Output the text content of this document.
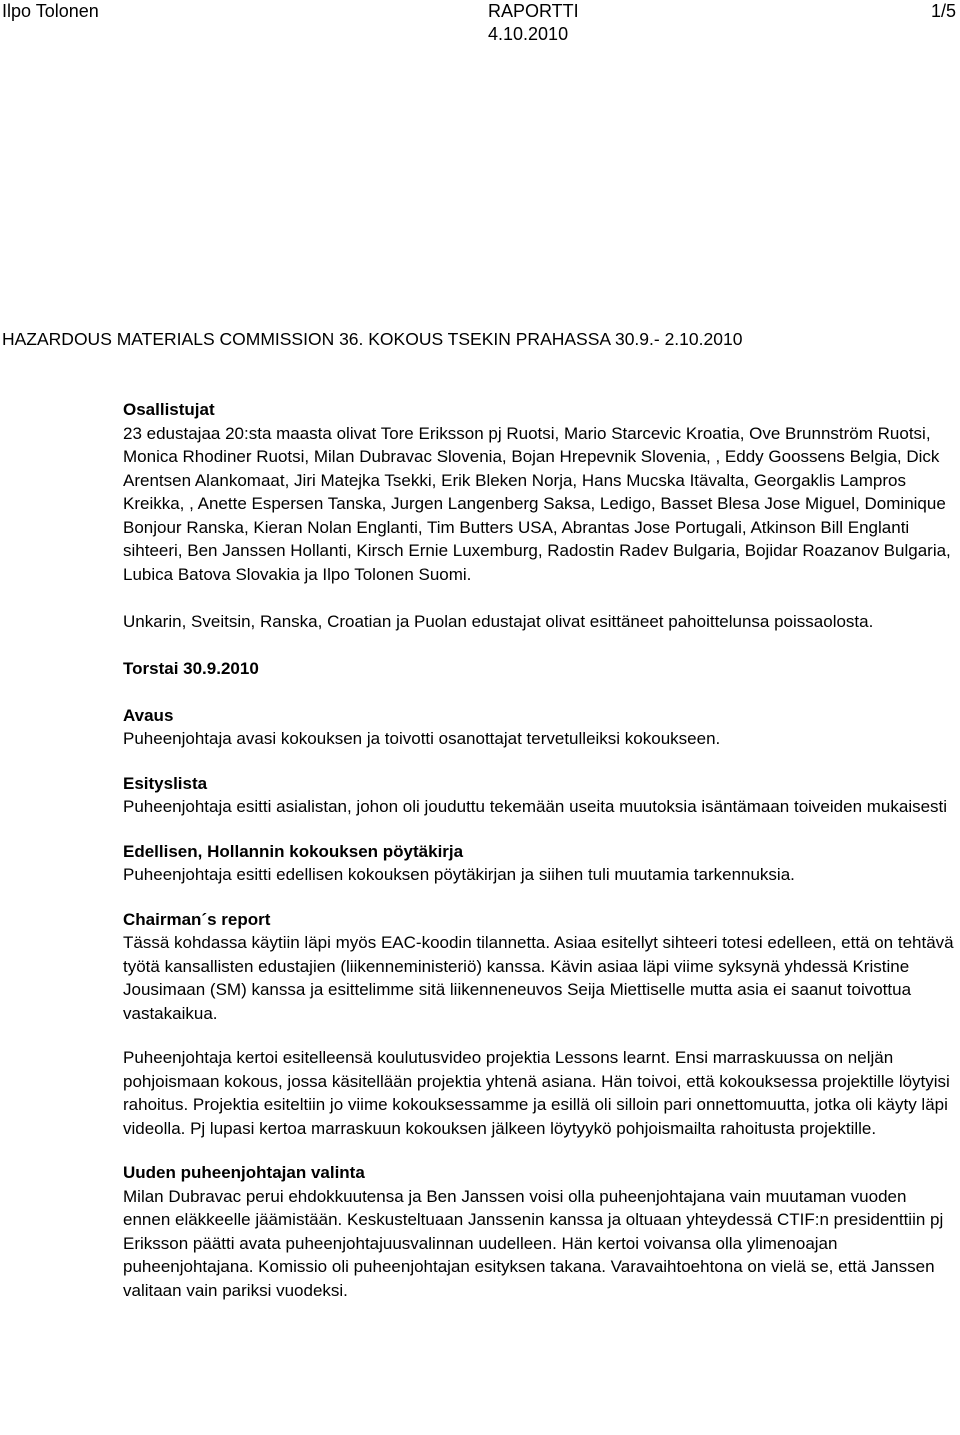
Ilpo Tolonen	RAPORTTI
4.10.2010
1/5
HAZARDOUS MATERIALS COMMISSION 36. KOKOUS TSEKIN PRAHASSA 30.9.- 2.10.2010

Osallistujat

23 edustajaa 20:sta maasta olivat Tore Eriksson pj Ruotsi, Mario Starcevic Kroatia, Ove Brunnström Ruotsi, Monica Rhodiner Ruotsi, Milan Dubravac Slovenia, Bojan Hrepevnik Slovenia, , Eddy Goossens Belgia, Dick Arentsen Alankomaat, Jiri Matejka Tsekki, Erik Bleken Norja, Hans Mucska Itävalta, Georgaklis Lampros Kreikka, , Anette Espersen Tanska, Jurgen Langenberg Saksa, Ledigo, Basset Blesa Jose Miguel, Dominique Bonjour Ranska, Kieran Nolan Englanti, Tim Butters USA, Abrantas Jose Portugali, Atkinson Bill Englanti sihteeri, Ben Janssen Hollanti, Kirsch Ernie Luxemburg, Radostin Radev Bulgaria, Bojidar Roazanov Bulgaria, Lubica Batova Slovakia ja Ilpo Tolonen Suomi.

Unkarin, Sveitsin, Ranska, Croatian ja Puolan edustajat olivat esittäneet pahoittelunsa poissaolosta.

Torstai 30.9.2010

Avaus

Puheenjohtaja avasi kokouksen ja toivotti osanottajat tervetulleiksi kokoukseen.

Esityslista

Puheenjohtaja esitti asialistan, johon oli jouduttu tekemään useita muutoksia isäntämaan toiveiden mukaisesti

Edellisen, Hollannin kokouksen pöytäkirja

Puheenjohtaja esitti edellisen kokouksen pöytäkirjan ja siihen tuli muutamia tarkennuksia.

Chairman´s report

Tässä kohdassa käytiin läpi myös EAC-koodin tilannetta. Asiaa esitellyt sihteeri totesi edelleen, että on tehtävä työtä kansallisten edustajien (liikenneministeriö) kanssa. Kävin asiaa läpi viime syksynä yhdessä Kristine Jousimaan (SM) kanssa ja esittelimme sitä liikenneneuvos Seija Miettiselle mutta asia ei saanut toivottua vastakaikua.

Puheenjohtaja kertoi esitelleensä koulutusvideo projektia Lessons learnt. Ensi marraskuussa on neljän pohjoismaan kokous, jossa käsitellään projektia yhtenä asiana. Hän toivoi, että kokouksessa projektille löytyisi rahoitus. Projektia esiteltiin jo viime kokouksessamme ja esillä oli silloin pari onnettomuutta, jotka oli käyty läpi videolla. Pj lupasi kertoa marraskuun kokouksen jälkeen löytyykö pohjoismailta rahoitusta projektille.

Uuden puheenjohtajan valinta

Milan Dubravac perui ehdokkuutensa ja Ben Janssen voisi olla puheenjohtajana vain muutaman vuoden ennen eläkkeelle jäämistään. Keskusteltuaan Janssenin kanssa ja oltuaan yhteydessä CTIF:n presidenttiin pj Eriksson päätti avata puheenjohtajuusvalinnan uudelleen. Hän kertoi voivansa olla ylimenoajan puheenjohtajana. Komissio oli puheenjohtajan esityksen takana. Varavaihtoehtona on vielä se, että Janssen valitaan vain pariksi vuodeksi.
